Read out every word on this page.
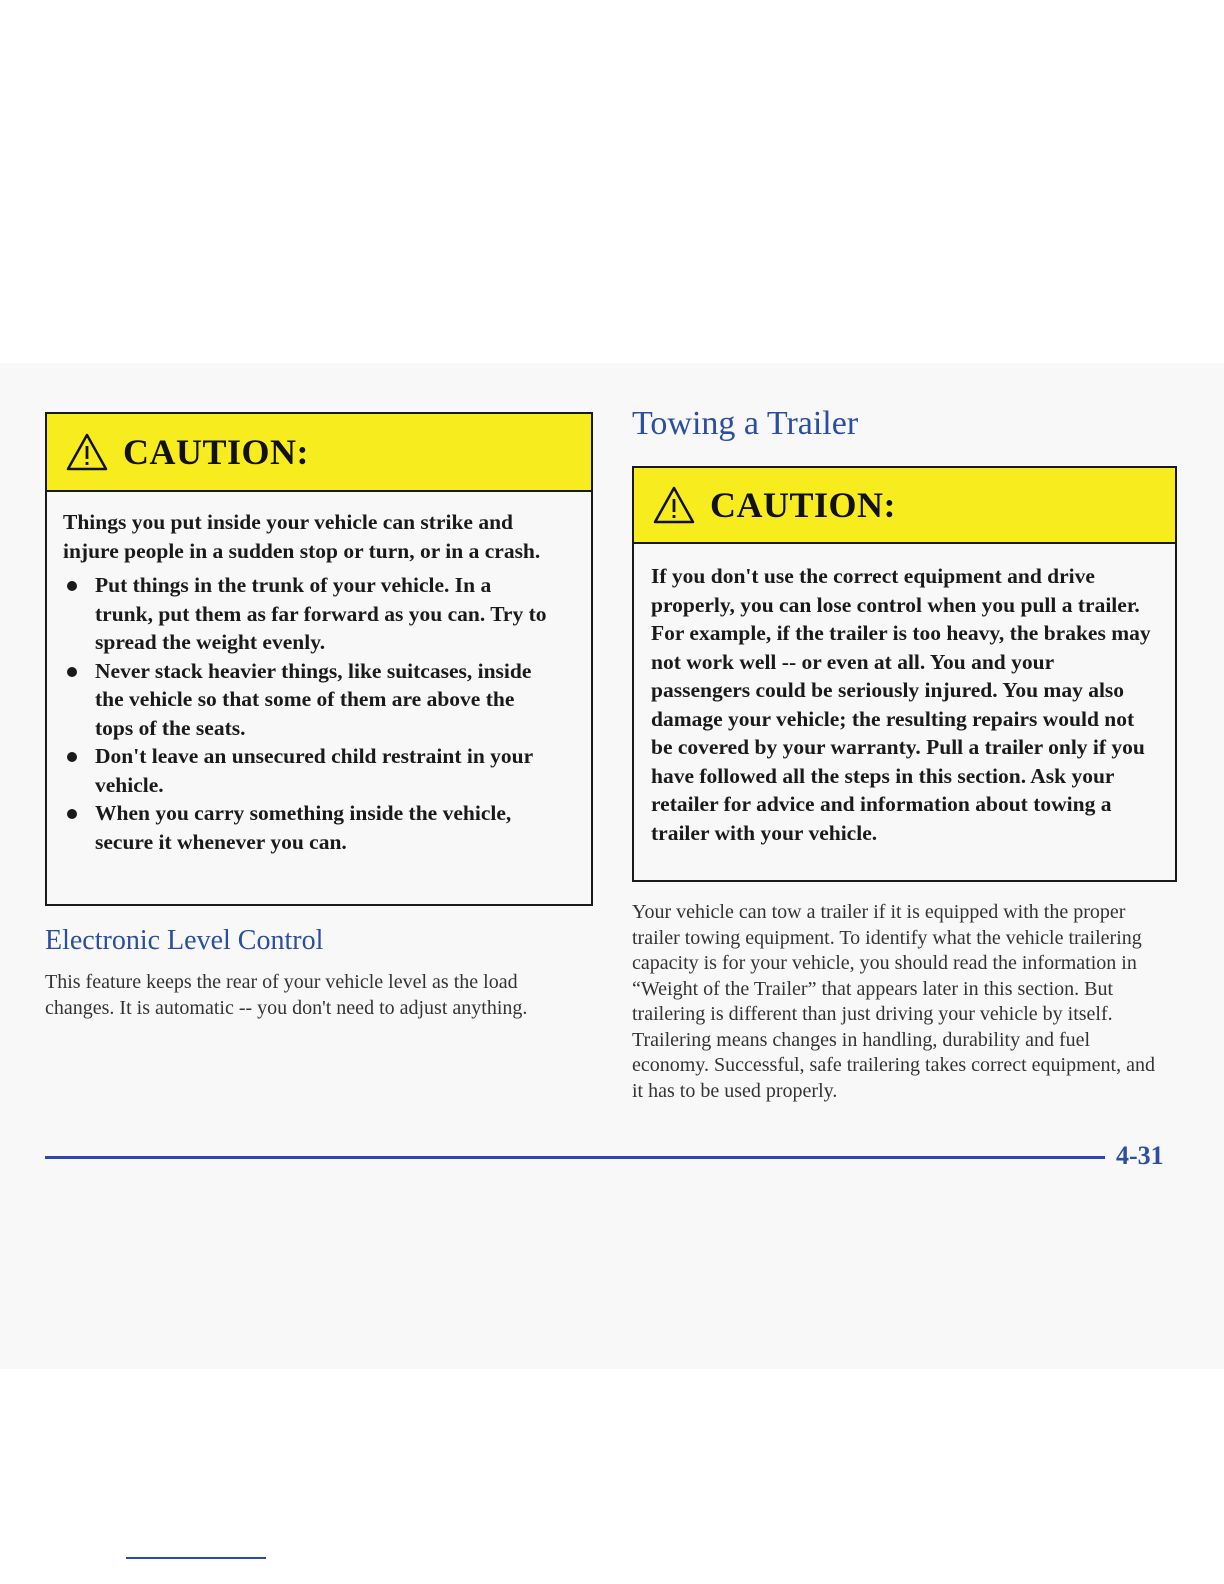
CAUTION:
Things you put inside your vehicle can strike and injure people in a sudden stop or turn, or in a crash.
Put things in the trunk of your vehicle. In a trunk, put them as far forward as you can. Try to spread the weight evenly.
Never stack heavier things, like suitcases, inside the vehicle so that some of them are above the tops of the seats.
Don't leave an unsecured child restraint in your vehicle.
When you carry something inside the vehicle, secure it whenever you can.
Electronic Level Control

This feature keeps the rear of your vehicle level as the load changes. It is automatic -- you don't need to adjust anything.

Towing a Trailer
CAUTION:
If you don't use the correct equipment and drive properly, you can lose control when you pull a trailer. For example, if the trailer is too heavy, the brakes may not work well -- or even at all. You and your passengers could be seriously injured. You may also damage your vehicle; the resulting repairs would not be covered by your warranty. Pull a trailer only if you have followed all the steps in this section. Ask your retailer for advice and information about towing a trailer with your vehicle.

Your vehicle can tow a trailer if it is equipped with the proper trailer towing equipment. To identify what the vehicle trailering capacity is for your vehicle, you should read the information in “Weight of the Trailer” that appears later in this section. But trailering is different than just driving your vehicle by itself. Trailering means changes in handling, durability and fuel economy. Successful, safe trailering takes correct equipment, and it has to be used properly.

4-31
